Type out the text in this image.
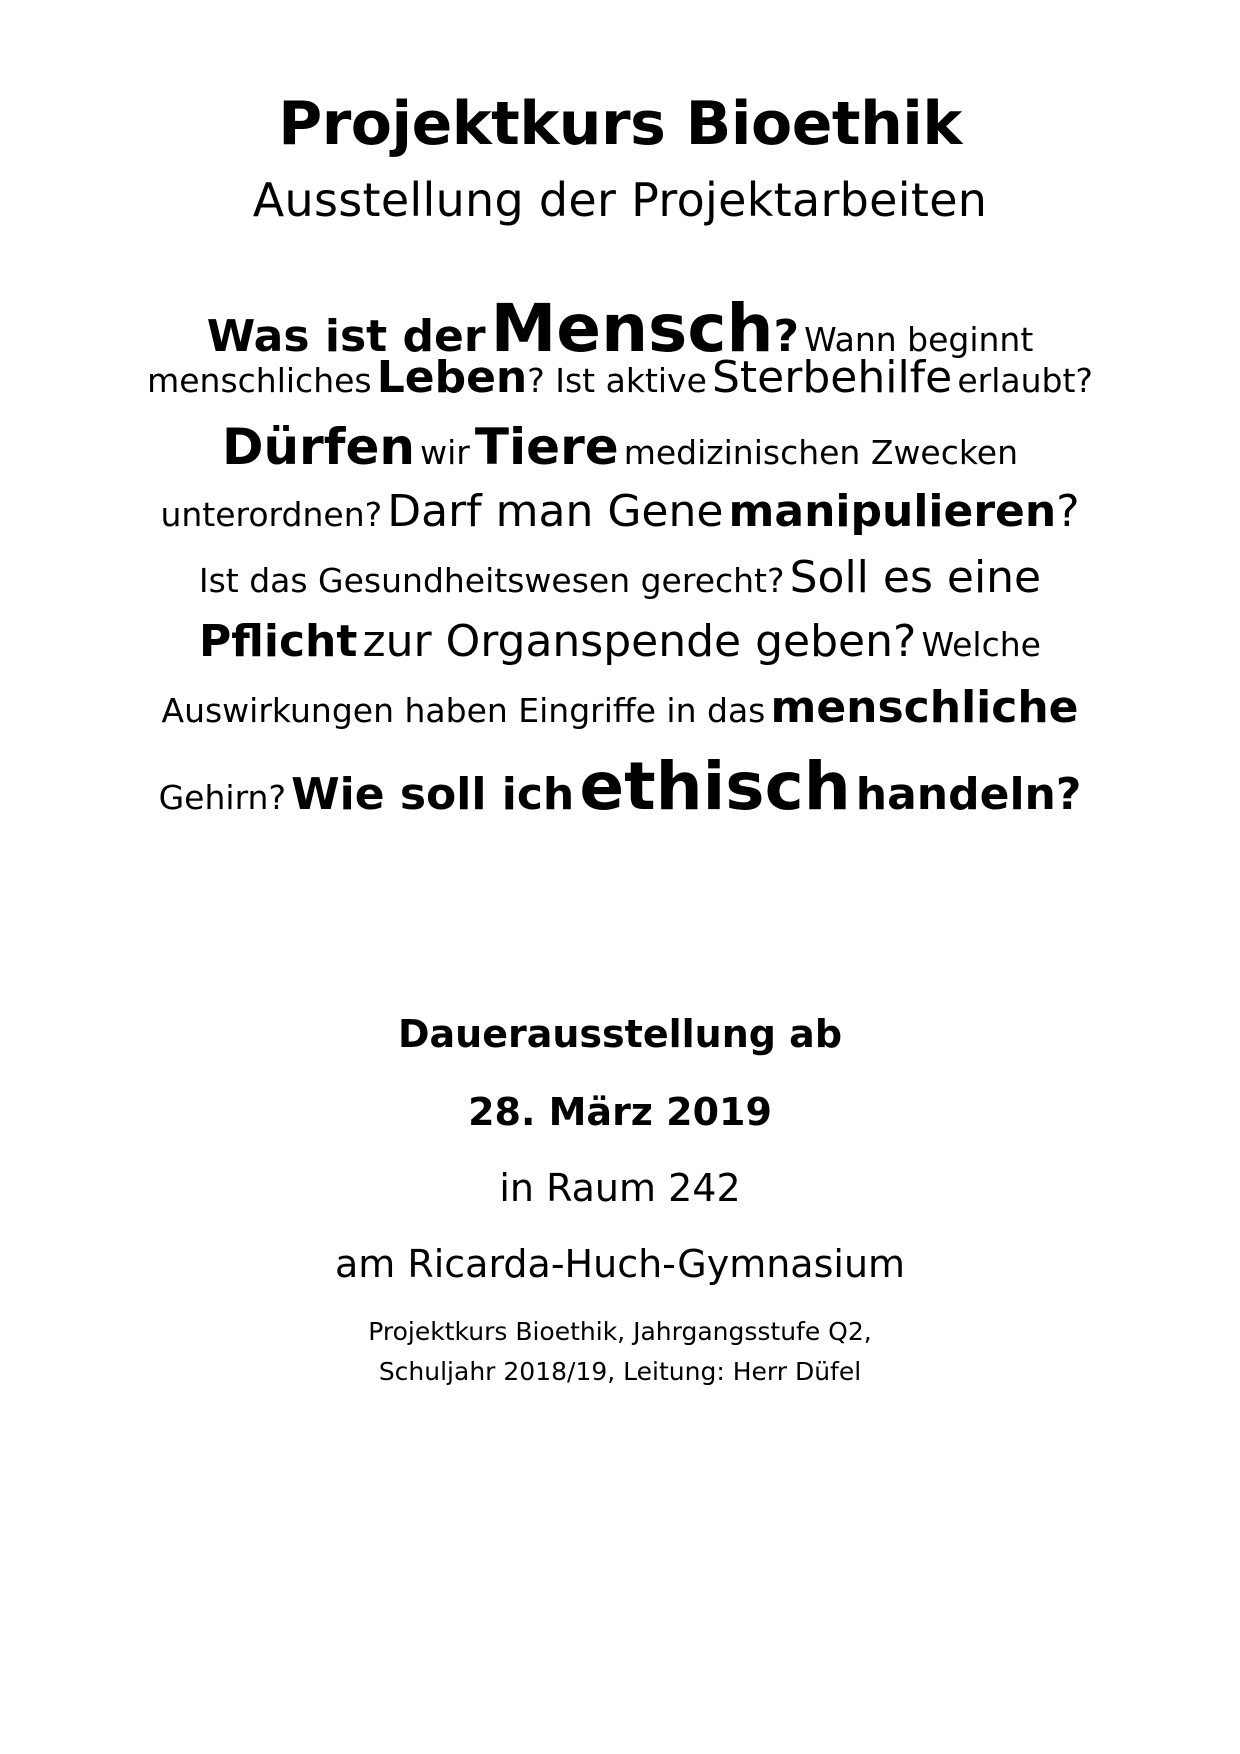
Projektkurs Bioethik
Ausstellung der Projektarbeiten
Was ist der Mensch? Wann beginnt
menschliches Leben? Ist aktive Sterbehilfe erlaubt?
Dürfen wir Tiere medizinischen Zwecken
unterordnen? Darf man Gene manipulieren?
Ist das Gesundheitswesen gerecht? Soll es eine
Pflicht zur Organspende geben? Welche
Auswirkungen haben Eingriffe in das menschliche
Gehirn? Wie soll ich ethisch handeln?
Dauerausstellung ab
28. März 2019
in Raum 242
am Ricarda-Huch-Gymnasium
Projektkurs Bioethik, Jahrgangsstufe Q2,
Schuljahr 2018/19, Leitung: Herr Düfel
